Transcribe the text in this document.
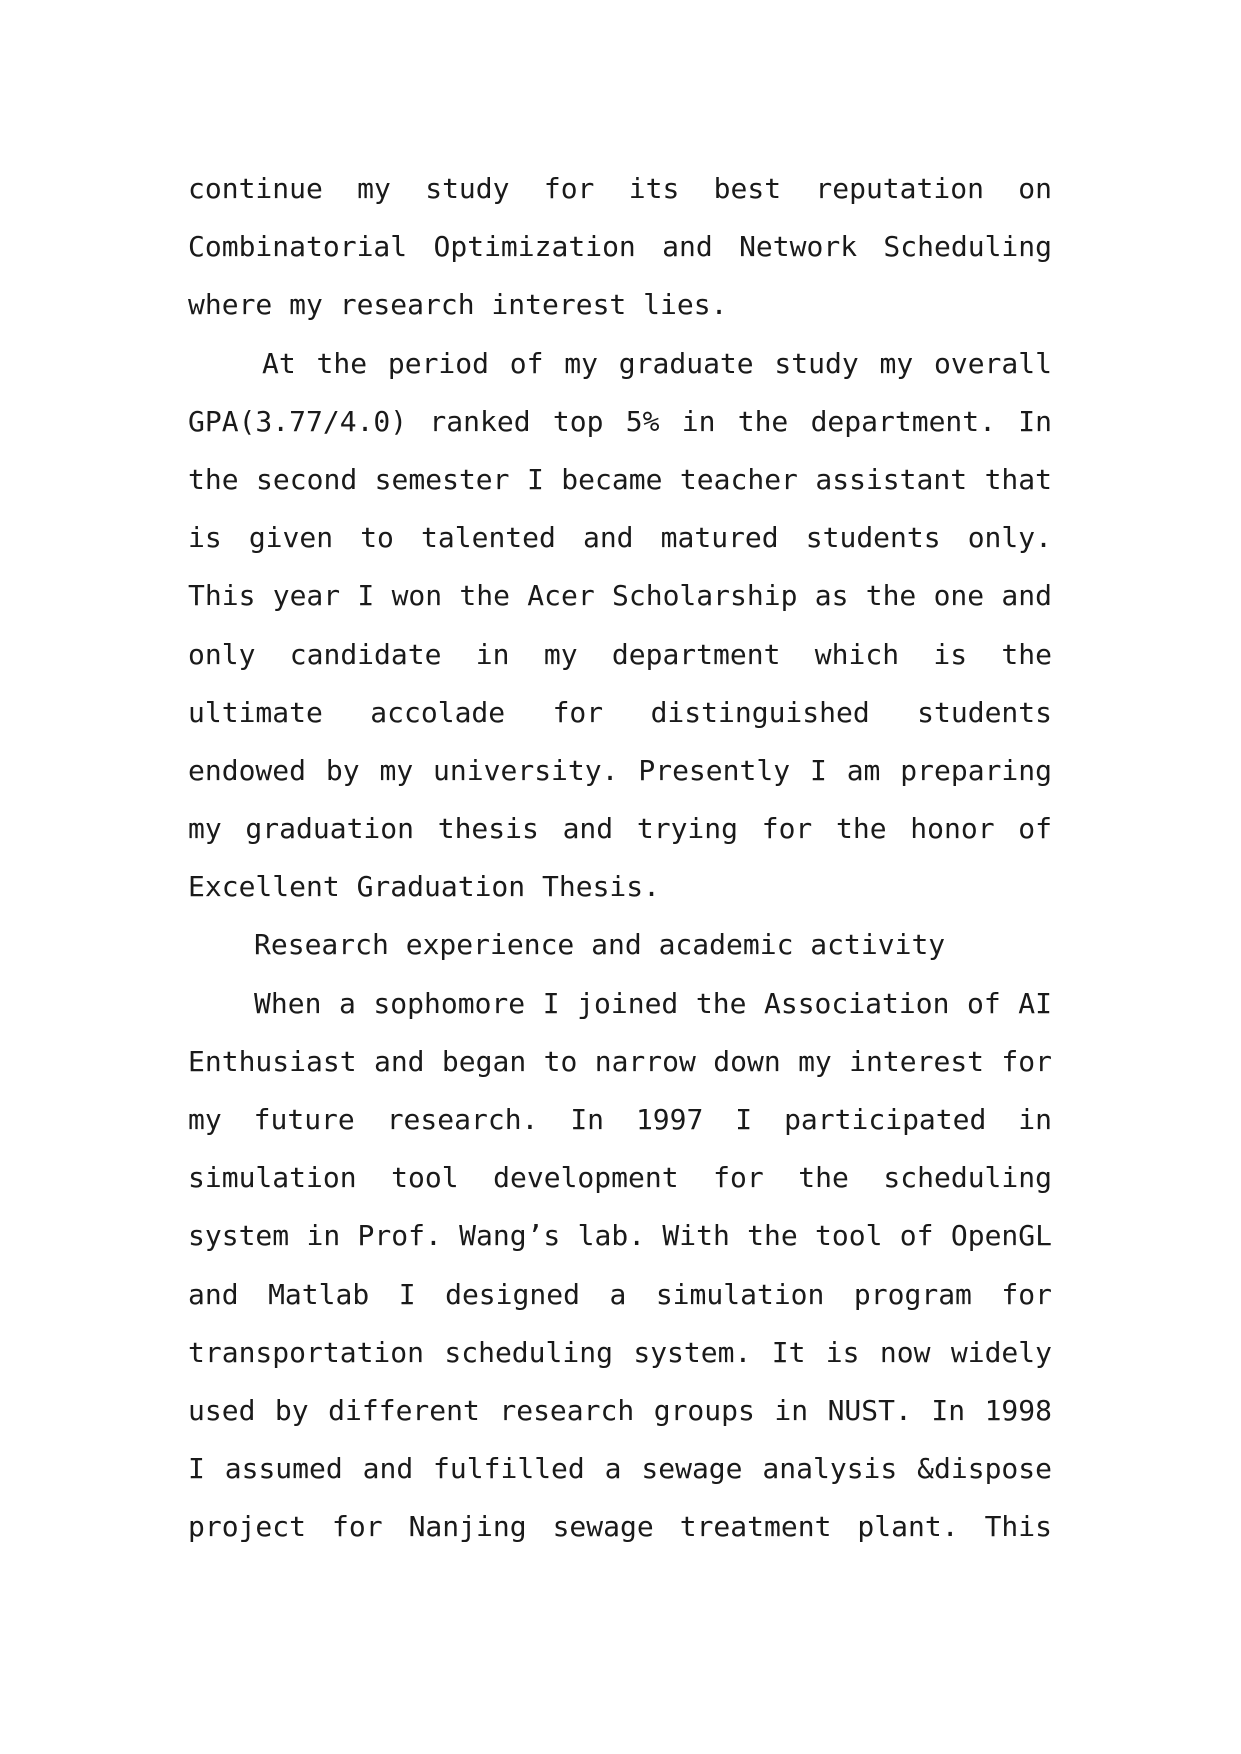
continue my study for its best reputation on
Combinatorial Optimization and Network Scheduling
where my research interest lies.
At the period of my graduate study my overall
GPA(3.77/4.0) ranked top 5% in the department. In
the second semester I became teacher assistant that
is given to talented and matured students only.
This year I won the Acer Scholarship as the one and
only candidate in my department which is the
ultimate accolade for distinguished students
endowed by my university. Presently I am preparing
my graduation thesis and trying for the honor of
Excellent Graduation Thesis.
Research experience and academic activity
When a sophomore I joined the Association of AI
Enthusiast and began to narrow down my interest for
my future research. In 1997 I participated in
simulation tool development for the scheduling
system in Prof. Wang’s lab. With the tool of OpenGL
and Matlab I designed a simulation program for
transportation scheduling system. It is now widely
used by different research groups in NUST. In 1998
I assumed and fulfilled a sewage analysis &dispose
project for Nanjing sewage treatment plant. This
